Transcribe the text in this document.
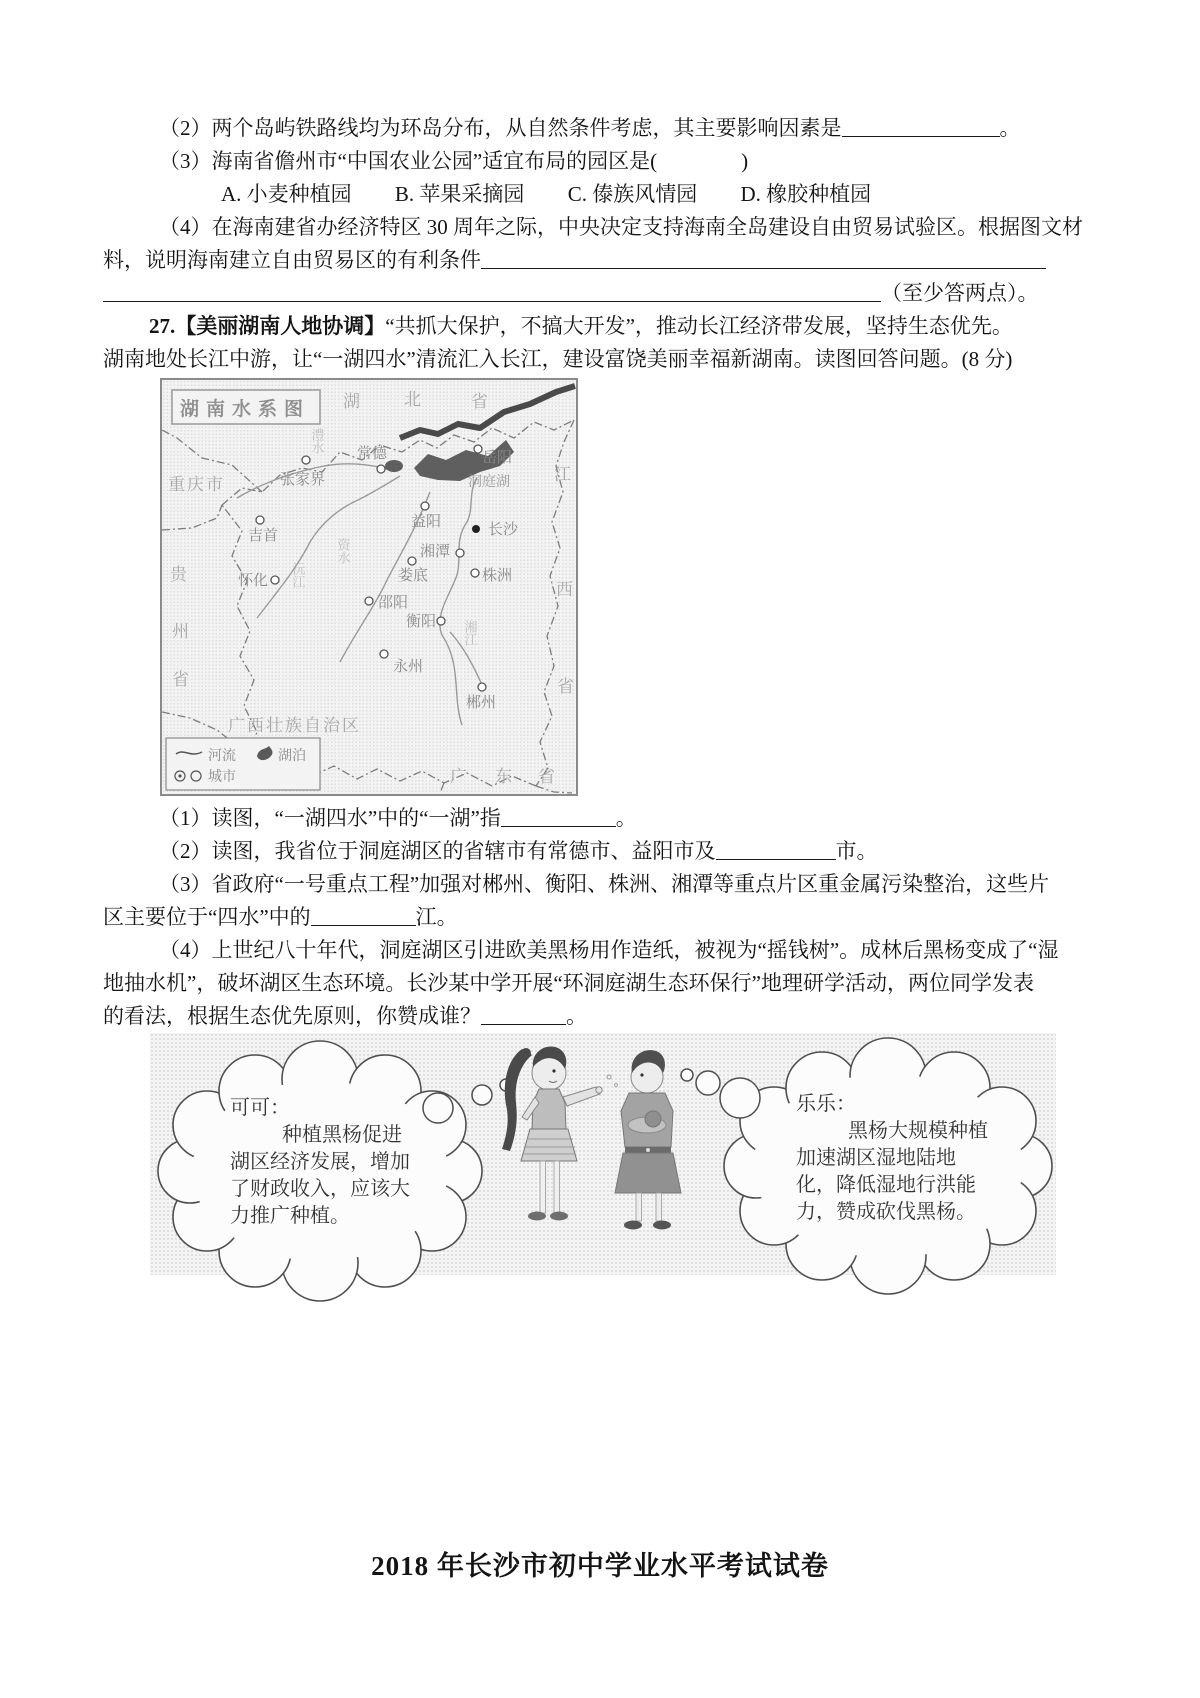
（2）两个岛屿铁路线均为环岛分布，从自然条件考虑，其主要影响因素是	。

（3）海南省儋州市“中国农业公园”适宜布局的园区是(　　　　)

A. 小麦种植园 B. 苹果采摘园 C. 傣族风情园 D. 橡胶种植园

（4）在海南建省办经济特区 30 周年之际，中央决定支持海南全岛建设自由贸易试验区。根据图文材

料，说明海南建立自由贸易区的有利条件

（至少答两点）。

27.【美丽湖南人地协调】“共抓大保护，不搞大开发”，推动长江经济带发展，坚持生态优先。

湖南地处长江中游，让“一湖四水”清流汇入长江，建设富饶美丽幸福新湖南。读图回答问题。(8 分)

湖南水系图 湖	北	省
重庆市
贵
州
省
广西壮族自治区
广 东 省
江
西
省
澧水
沅江
资水
湘江
洞庭湖
张家界
常德	岳阳
益阳	长沙
湘潭
株洲
娄底
邵阳
衡阳
吉首
怀化
永州
郴州
河流	湖泊
城市

（1）读图，“一湖四水”中的“一湖”指	。

（2）读图，我省位于洞庭湖区的省辖市有常德市、益阳市及	市。

（3）省政府“一号重点工程”加强对郴州、衡阳、株洲、湘潭等重点片区重金属污染整治，这些片

区主要位于“四水”中的	江。

（4）上世纪八十年代，洞庭湖区引进欧美黑杨用作造纸，被视为“摇钱树”。成林后黑杨变成了“湿

地抽水机”，破坏湖区生态环境。长沙某中学开展“环洞庭湖生态环保行”地理研学活动，两位同学发表

的看法，根据生态优先原则，你赞成谁？	。

可可：

种植黑杨促进湖区经济发展，增加了财政收入，应该大力推广种植。

乐乐：

黑杨大规模种植加速湖区湿地陆地化，降低湿地行洪能力，赞成砍伐黑杨。

2018 年长沙市初中学业水平考试试卷
